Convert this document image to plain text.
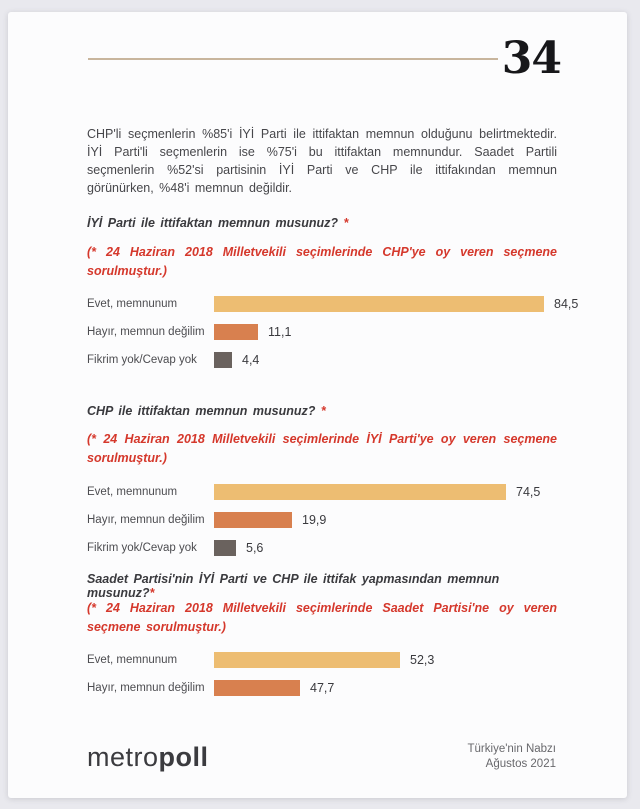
34

CHP'li seçmenlerin %85'i İYİ Parti ile ittifaktan memnun olduğunu belirtmektedir. İYİ Parti'li seçmenlerin ise %75'i bu ittifaktan memnundur. Saadet Partili seçmenlerin %52'si partisinin İYİ Parti ve CHP ile ittifakından memnun görünürken, %48'i memnun değildir.

İYİ Parti ile ittifaktan memnun musunuz? *

(* 24 Haziran 2018 Milletvekili seçimlerinde CHP'ye oy veren seçmene sorulmuştur.)

Evet, memnunum	84,5
Hayır, memnun değilim	11,1
Fikrim yok/Cevap yok	4,4
CHP ile ittifaktan memnun musunuz? *

(* 24 Haziran 2018 Milletvekili seçimlerinde İYİ Parti'ye oy veren seçmene sorulmuştur.)

Evet, memnunum	74,5
Hayır, memnun değilim	19,9
Fikrim yok/Cevap yok	5,6
Saadet Partisi'nin İYİ Parti ve CHP ile ittifak yapmasından memnun musunuz?*

(* 24 Haziran 2018 Milletvekili seçimlerinde Saadet Partisi'ne oy veren seçmene sorulmuştur.)

Evet, memnunum	52,3
Hayır, memnun değilim	47,7
metropoll	Türkiye'nin Nabzı
Ağustos 2021
